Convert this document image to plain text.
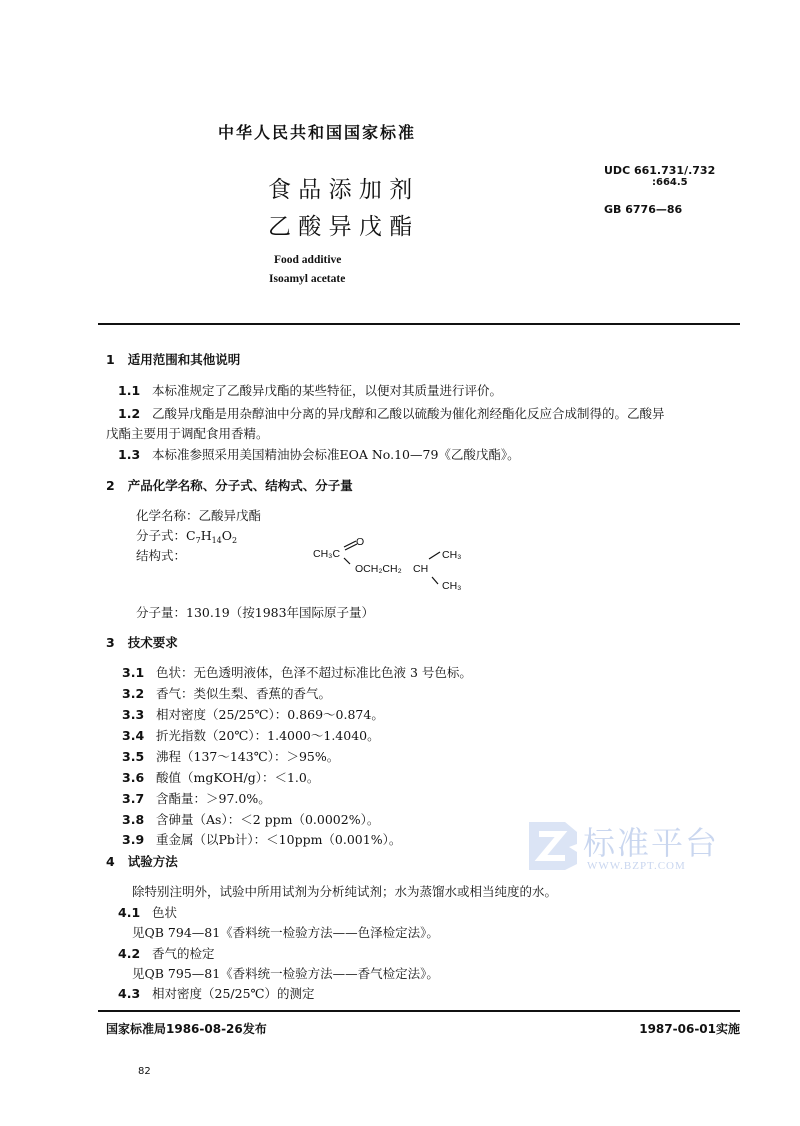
中华人民共和国国家标准
食 品 添 加 剂
乙 酸 异 戊 酯
Food additive
Isoamyl acetate
UDC 661.731/.732
:664.5
GB 6776—86
1 适用范围和其他说明
1.1 本标准规定了乙酸异戊酯的某些特征，以便对其质量进行评价。
1.2 乙酸异戊酯是用杂醇油中分离的异戊醇和乙酸以硫酸为催化剂经酯化反应合成制得的。乙酸异
戊酯主要用于调配食用香精。
1.3 本标准参照采用美国精油协会标准EOA No.10—79《乙酸戊酯》。
2 产品化学名称、分子式、结构式、分子量
化学名称：乙酸异戊酯
分子式：$C_7H_{14}O_2$
结构式：	CH₃C
O
OCH₂CH₂ CH
CH₃
CH₃
分子量：130.19（按1983年国际原子量）
3 技术要求
3.1 色状：无色透明液体，色泽不超过标准比色液 3 号色标。
3.2 香气：类似生梨、香蕉的香气。
3.3 相对密度（25/25℃）：0.869～0.874。
3.4 折光指数（20℃）：1.4000～1.4040。
3.5 沸程（137～143℃）：＞95%。
3.6 酸值（mgKOH/g）：＜1.0。
3.7 含酯量：＞97.0%。
3.8 含砷量（As）：＜2 ppm（0.0002%）。
3.9 重金属（以Pb计）：＜10ppm（0.001%）。	标准平台
WWW.BZPT.COM
4 试验方法
除特别注明外，试验中所用试剂为分析纯试剂；水为蒸馏水或相当纯度的水。
4.1 色状
见QB 794—81《香料统一检验方法——色泽检定法》。
4.2 香气的检定
见QB 795—81《香料统一检验方法——香气检定法》。
4.3 相对密度（25/25℃）的测定
国家标准局1986-08-26发布	1987-06-01实施
82
